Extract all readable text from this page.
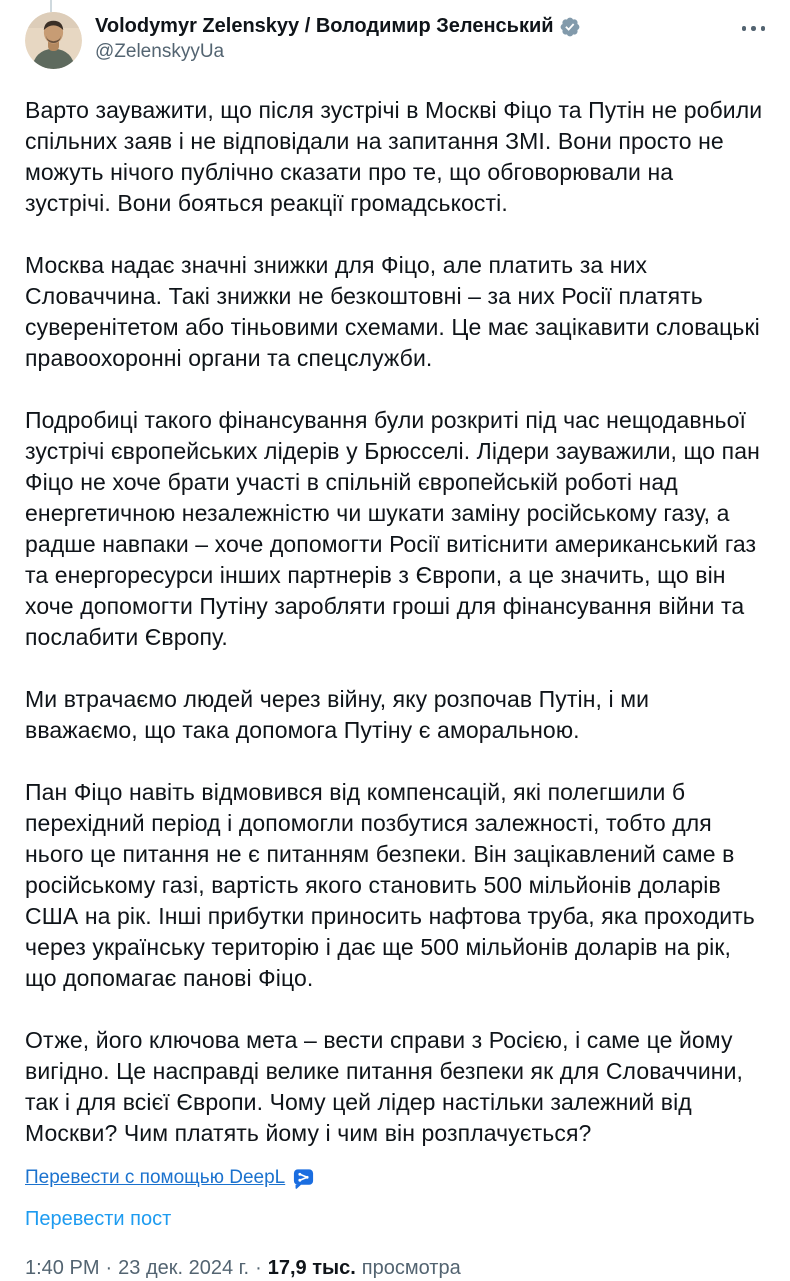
Volodymyr Zelenskyy / Володимир Зеленський
@ZelenskyyUa

Варто зауважити, що після зустрічі в Москві Фіцо та Путін не робили спільних заяв і не відповідали на запитання ЗМІ. Вони просто не можуть нічого публічно сказати про те, що обговорювали на зустрічі. Вони бояться реакції громадськості.

Москва надає значні знижки для Фіцо, але платить за них Словаччина. Такі знижки не безкоштовні – за них Росії платять суверенітетом або тіньовими схемами. Це має зацікавити словацькі правоохоронні органи та спецслужби.

Подробиці такого фінансування були розкриті під час нещодавньої зустрічі європейських лідерів у Брюсселі. Лідери зауважили, що пан Фіцо не хоче брати участі в спільній європейській роботі над енергетичною незалежністю чи шукати заміну російському газу, а радше навпаки – хоче допомогти Росії витіснити американський газ та енергоресурси інших партнерів з Європи, а це значить, що він хоче допомогти Путіну заробляти гроші для фінансування війни та послабити Європу.

Ми втрачаємо людей через війну, яку розпочав Путін, і ми вважаємо, що така допомога Путіну є аморальною.

Пан Фіцо навіть відмовився від компенсацій, які полегшили б перехідний період і допомогли позбутися залежності, тобто для нього це питання не є питанням безпеки. Він зацікавлений саме в російському газі, вартість якого становить 500 мільйонів доларів США на рік. Інші прибутки приносить нафтова труба, яка проходить через українську територію і дає ще 500 мільйонів доларів на рік, що допомагає панові Фіцо.

Отже, його ключова мета – вести справи з Росією, і саме це йому вигідно. Це насправді велике питання безпеки як для Словаччини, так і для всієї Європи. Чому цей лідер настільки залежний від Москви? Чим платять йому і чим він розплачується?

Перевести с помощью DeepL
Перевести пост
1:40 PM · 23 дек. 2024 г. · 17,9 тыс. просмотра
